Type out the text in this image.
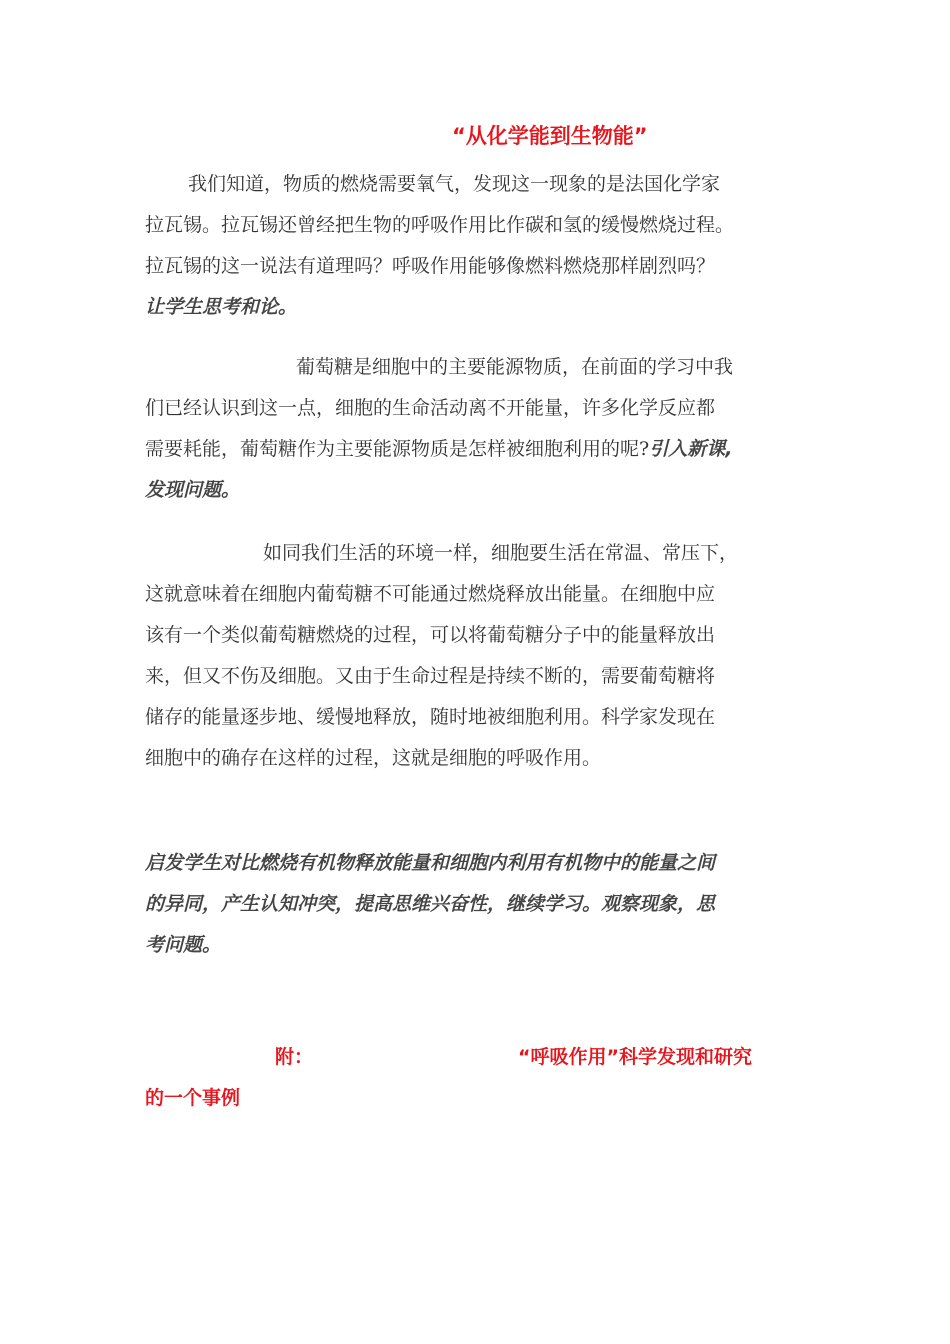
“从化学能到生物能”
我们知道，物质的燃烧需要氧气，发现这一现象的是法国化学家
拉瓦锡。拉瓦锡还曾经把生物的呼吸作用比作碳和氢的缓慢燃烧过程。
拉瓦锡的这一说法有道理吗？呼吸作用能够像燃料燃烧那样剧烈吗？
让学生思考和论。
葡萄糖是细胞中的主要能源物质，在前面的学习中我
们已经认识到这一点，细胞的生命活动离不开能量，许多化学反应都
需要耗能，葡萄糖作为主要能源物质是怎样被细胞利用的呢?引入新课,
发现问题。
如同我们生活的环境一样，细胞要生活在常温、常压下，
这就意味着在细胞内葡萄糖不可能通过燃烧释放出能量。在细胞中应
该有一个类似葡萄糖燃烧的过程，可以将葡萄糖分子中的能量释放出
来，但又不伤及细胞。又由于生命过程是持续不断的，需要葡萄糖将
储存的能量逐步地、缓慢地释放，随时地被细胞利用。科学家发现在
细胞中的确存在这样的过程，这就是细胞的呼吸作用。
启发学生对比燃烧有机物释放能量和细胞内利用有机物中的能量之间
的异同，产生认知冲突，提高思维兴奋性，继续学习。观察现象，思
考问题。
附：	“呼吸作用”科学发现和研究
的一个事例
